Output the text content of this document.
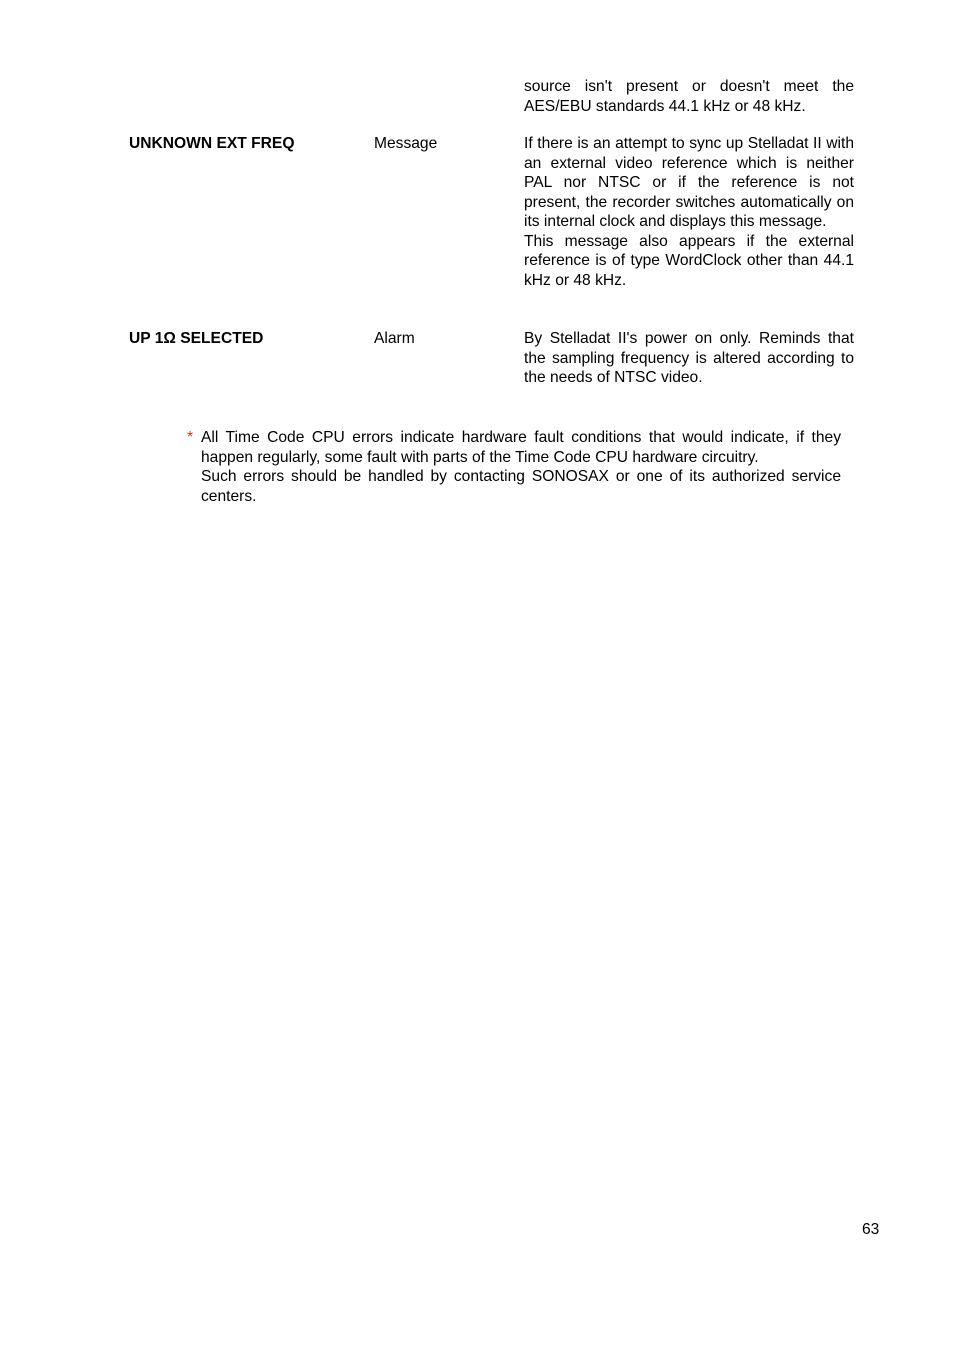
source isn't present or doesn't meet the AES/EBU standards 44.1 kHz or 48 kHz.
UNKNOWN EXT FREQ	Message	If there is an attempt to sync up Stelladat II with an external video reference which is neither PAL nor NTSC or if the reference is not present, the recorder switches automatically on its internal clock and displays this message.

This message also appears if the external reference is of type WordClock other than 44.1 kHz or 48 kHz.

UP 1Ω SELECTED	Alarm	By Stelladat II's power on only. Reminds that the sampling frequency is altered according to the needs of NTSC video.

* All Time Code CPU errors indicate hardware fault conditions that would indicate, if they happen regularly, some fault with parts of the Time Code CPU hardware circuitry.

Such errors should be handled by contacting SONOSAX or one of its authorized service centers.

63
